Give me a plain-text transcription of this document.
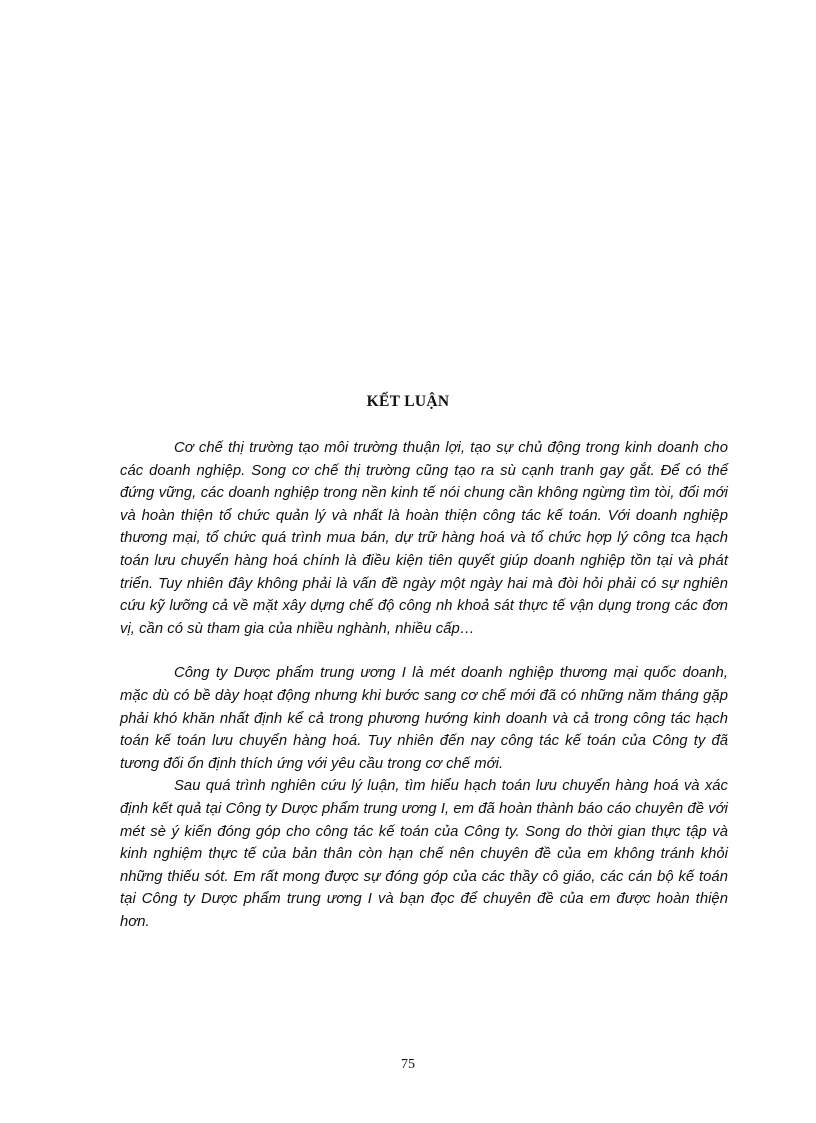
KẾT LUẬN

Cơ chế thị trường tạo môi trường thuận lợi, tạo sự chủ động trong kinh doanh cho các doanh nghiệp. Song cơ chế thị trường cũng tạo ra sù cạnh tranh gay gắt. Để có thể đứng vững, các doanh nghiệp trong nền kinh tế nói chung cần không ngừng tìm tòi, đổi mới và hoàn thiện tổ chức quản lý và nhất là hoàn thiện công tác kế toán. Với doanh nghiệp thương mại, tổ chức quá trình mua bán, dự trữ hàng hoá và tổ chức hợp lý công tca hạch toán lưu chuyển hàng hoá chính là điều kiện tiên quyết giúp doanh nghiệp tồn tại và phát triển. Tuy nhiên đây không phải là vấn đề ngày một ngày hai mà đòi hỏi phải có sự nghiên cứu kỹ lưỡng cả về mặt xây dựng chế độ công nh khoả sát thực tế vận dụng trong các đơn vị, cần có sù tham gia của nhiều nghành, nhiều cấp…

Công ty Dược phẩm trung ương I là mét doanh nghiệp thương mại quốc doanh, mặc dù có bề dày hoạt động nhưng khi bước sang cơ chế mới đã có những năm tháng gặp phải khó khăn nhất định kể cả trong phương hướng kinh doanh và cả trong công tác hạch toán kế toán lưu chuyển hàng hoá. Tuy nhiên đến nay công tác kế toán của Công ty đã tương đối ổn định thích ứng với yêu cầu trong cơ chế mới.

Sau quá trình nghiên cứu lý luận, tìm hiểu hạch toán lưu chuyển hàng hoá và xác định kết quả tại Công ty Dược phẩm trung ương I, em đã hoàn thành báo cáo chuyên đề với mét sè ý kiến đóng góp cho công tác kế toán của Công ty. Song do thời gian thực tập và kinh nghiệm thực tế của bản thân còn hạn chế nên chuyên đề của em không tránh khỏi những thiếu sót. Em rất mong được sự đóng góp của các thầy cô giáo, các cán bộ kế toán tại Công ty Dược phẩm trung ương I và bạn đọc để chuyên đề của em được hoàn thiện hơn.

75
